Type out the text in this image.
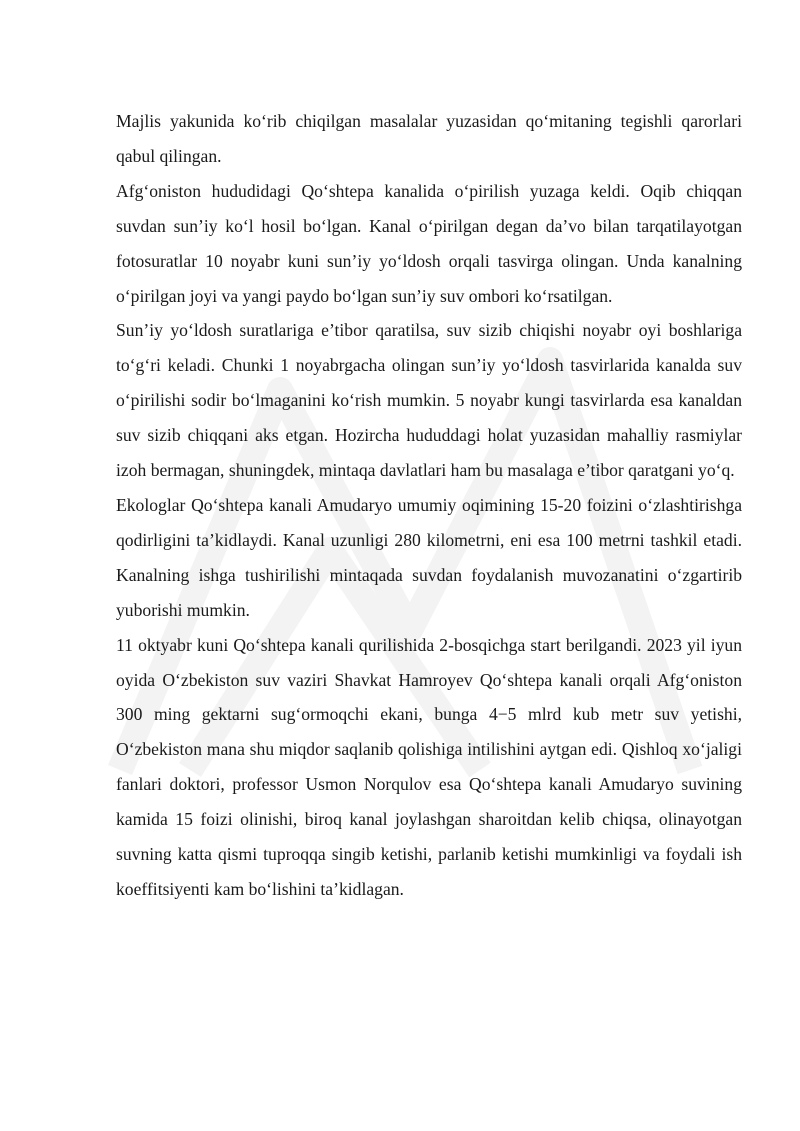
Majlis yakunida ko‘rib chiqilgan masalalar yuzasidan qo‘mitaning tegishli qarorlari qabul qilingan.

Afg‘oniston hududidagi Qo‘shtepa kanalida o‘pirilish yuzaga keldi. Oqib chiqqan suvdan sun’iy ko‘l hosil bo‘lgan. Kanal o‘pirilgan degan da’vo bilan tarqatilayotgan fotosuratlar 10 noyabr kuni sun’iy yo‘ldosh orqali tasvirga olingan. Unda kanalning o‘pirilgan joyi va yangi paydo bo‘lgan sun’iy suv ombori ko‘rsatilgan.

Sun’iy yo‘ldosh suratlariga e’tibor qaratilsa, suv sizib chiqishi noyabr oyi boshlariga to‘g‘ri keladi. Chunki 1 noyabrgacha olingan sun’iy yo‘ldosh tasvirlarida kanalda suv o‘pirilishi sodir bo‘lmaganini ko‘rish mumkin. 5 noyabr kungi tasvirlarda esa kanaldan suv sizib chiqqani aks etgan. Hozircha hududdagi holat yuzasidan mahalliy rasmiylar izoh bermagan, shuningdek, mintaqa davlatlari ham bu masalaga e’tibor qaratgani yo‘q.

Ekologlar Qo‘shtepa kanali Amudaryo umumiy oqimining 15-20 foizini o‘zlashtirishga qodirligini ta’kidlaydi. Kanal uzunligi 280 kilometrni, eni esa 100 metrni tashkil etadi. Kanalning ishga tushirilishi mintaqada suvdan foydalanish muvozanatini o‘zgartirib yuborishi mumkin.

11 oktyabr kuni Qo‘shtepa kanali qurilishida 2-bosqichga start berilgandi. 2023 yil iyun oyida O‘zbekiston suv vaziri Shavkat Hamroyev Qo‘shtepa kanali orqali Afg‘oniston 300 ming gektarni sug‘ormoqchi ekani, bunga 4−5 mlrd kub metr suv yetishi, O‘zbekiston mana shu miqdor saqlanib qolishiga intilishini aytgan edi. Qishloq xo‘jaligi fanlari doktori, professor Usmon Norqulov esa Qo‘shtepa kanali Amudaryo suvining kamida 15 foizi olinishi, biroq kanal joylashgan sharoitdan kelib chiqsa, olinayotgan suvning katta qismi tuproqqa singib ketishi, parlanib ketishi mumkinligi va foydali ish koeffitsiyenti kam bo‘lishini ta’kidlagan.
